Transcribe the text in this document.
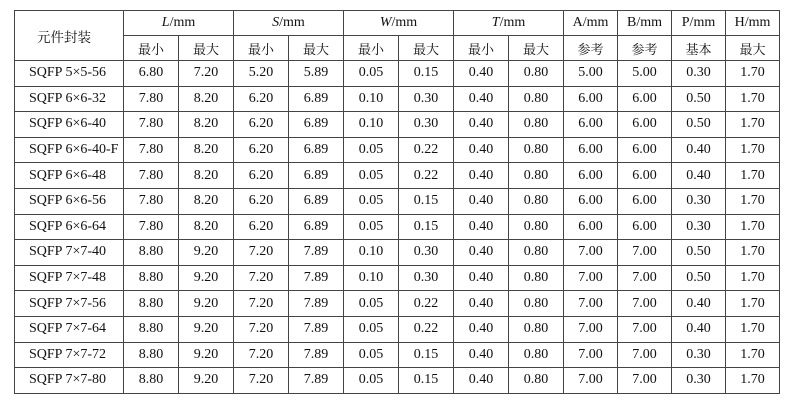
元件封装	L/mm		S/mm		W/mm		T/mm		A/mm	B/mm	P/mm	H/mm
	最小	最大	最小	最大	最小	最大	最小	最大	参考	参考	基本	最大
SQFP 5×5-56	6.80	7.20	5.20	5.89	0.05	0.15	0.40	0.80	5.00	5.00	0.30	1.70
SQFP 6×6-32	7.80	8.20	6.20	6.89	0.10	0.30	0.40	0.80	6.00	6.00	0.50	1.70
SQFP 6×6-40	7.80	8.20	6.20	6.89	0.10	0.30	0.40	0.80	6.00	6.00	0.50	1.70
SQFP 6×6-40-F	7.80	8.20	6.20	6.89	0.05	0.22	0.40	0.80	6.00	6.00	0.40	1.70
SQFP 6×6-48	7.80	8.20	6.20	6.89	0.05	0.22	0.40	0.80	6.00	6.00	0.40	1.70
SQFP 6×6-56	7.80	8.20	6.20	6.89	0.05	0.15	0.40	0.80	6.00	6.00	0.30	1.70
SQFP 6×6-64	7.80	8.20	6.20	6.89	0.05	0.15	0.40	0.80	6.00	6.00	0.30	1.70
SQFP 7×7-40	8.80	9.20	7.20	7.89	0.10	0.30	0.40	0.80	7.00	7.00	0.50	1.70
SQFP 7×7-48	8.80	9.20	7.20	7.89	0.10	0.30	0.40	0.80	7.00	7.00	0.50	1.70
SQFP 7×7-56	8.80	9.20	7.20	7.89	0.05	0.22	0.40	0.80	7.00	7.00	0.40	1.70
SQFP 7×7-64	8.80	9.20	7.20	7.89	0.05	0.22	0.40	0.80	7.00	7.00	0.40	1.70
SQFP 7×7-72	8.80	9.20	7.20	7.89	0.05	0.15	0.40	0.80	7.00	7.00	0.30	1.70
SQFP 7×7-80	8.80	9.20	7.20	7.89	0.05	0.15	0.40	0.80	7.00	7.00	0.30	1.70
